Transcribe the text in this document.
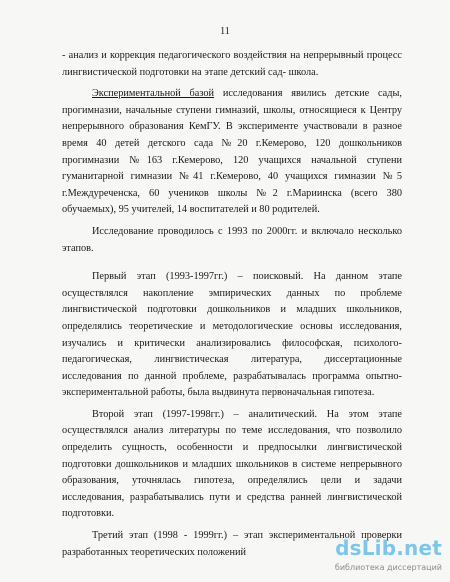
11

- анализ и коррекция педагогического воздействия на непрерывный процесс лингвистической подготовки на этапе детский сад- школа.

Экспериментальной базой исследования явились детские сады, прогимназии, начальные ступени гимназий, школы, относящиеся к Центру непрерывного образования КемГУ. В эксперименте участвовали в разное время 40 детей детского сада №20 г.Кемерово, 120 дошкольников прогимназии №163 г.Кемерово, 120 учащихся начальной ступени гуманитарной гимназии №41 г.Кемерово, 40 учащихся гимназии №5 г.Междуреченска, 60 учеников школы №2 г.Мариинска (всего 380 обучаемых), 95 учителей, 14 воспитателей и 80 родителей.

Исследование проводилось с 1993 по 2000гг. и включало несколько этапов.

Первый этап (1993-1997гг.) – поисковый. На данном этапе осуществлялся накопление эмпирических данных по проблеме лингвистической подготовки дошкольников и младших школьников, определялись теоретические и методологические основы исследования, изучались и критически анализировались философская, психолого-педагогическая, лингвистическая литература, диссертационные исследования по данной проблеме, разрабатывалась программа опытно-экспериментальной работы, была выдвинута первоначальная гипотеза.

Второй этап (1997-1998гг.) – аналитический. На этом этапе осуществлялся анализ литературы по теме исследования, что позволило определить сущность, особенности и предпосылки лингвистической подготовки дошкольников и младших школьников в системе непрерывного образования, уточнялась гипотеза, определялись цели и задачи исследования, разрабатывались пути и средства ранней лингвистической подготовки.

Третий этап (1998 - 1999гг.) – этап экспериментальной проверки разработанных теоретических положений	dsLib.net
библиотека диссертаций
